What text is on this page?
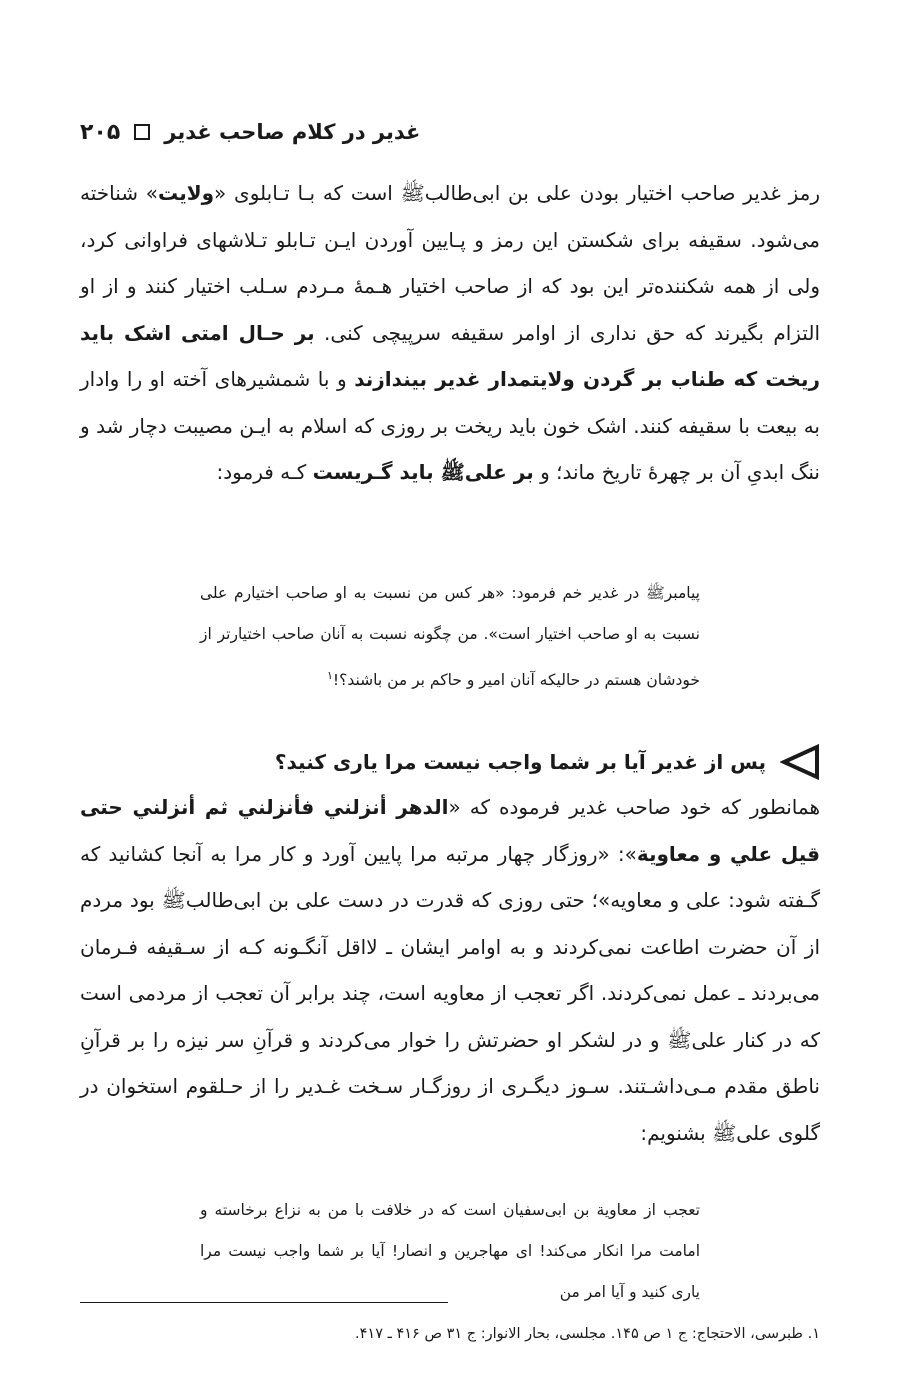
غدیر در کلام صاحب غدیر
۲۰۵

رمز غدیر صاحب اختیار بودن علی بن ابی‌طالبﷺ است که بـا تـابلوی «ولایت» شناخته می‌شود. سقیفه برای شکستن این رمز و پـایین آوردن ایـن تـابلو تـلاشهای فراوانی کرد، ولی از همه شکننده‌تر این بود که از صاحب اختیار هـمۀ مـردم سـلب اختیار کنند و از او التزام بگیرند که حق نداری از اوامر سقیفه سرپیچی کنی. بر حـال امتی اشک باید ریخت که طناب بر گردن ولایتمدار غدیر بیندازند و با شمشیرهای آخته او را وادار به بیعت با سقیفه کنند. اشک خون باید ریخت بر روزی که اسلام به ایـن مصیبت دچار شد و ننگ ابدیِ آن بر چهرۀ تاریخ ماند؛ و بر علیﷺ باید گـریست کـه فرمود:

پیامبرﷺ در غدیر خم فرمود: «هر کس من نسبت به او صاحب اختیارم علی نسبت به او صاحب اختیار است». من چگونه نسبت به آنان صاحب اختیارتر از خودشان هستم در حالیکه آنان امیر و حاکم بر من باشند؟!$^۱$

پس از غدیر آیا بر شما واجب نیست مرا یاری کنید؟

همانطور که خود صاحب غدیر فرموده که «الدهر أنزلني فأنزلني ثم أنزلني حتی قیل علي و معاویة»: «روزگار چهار مرتبه مرا پایین آورد و کار مرا به آنجا کشانید که گـفته شود: علی و معاویه»؛ حتی روزی که قدرت در دست علی بن ابی‌طالبﷺ بود مردم از آن حضرت اطاعت نمی‌کردند و به اوامر ایشان ـ لااقل آنگـونه کـه از سـقیفه فـرمان می‌بردند ـ عمل نمی‌کردند. اگر تعجب از معاویه است، چند برابر آن تعجب از مردمی است که در کنار علیﷺ و در لشکر او حضرتش را خوار می‌کردند و قرآنِ سر نیزه را بر قرآنِ ناطق مقدم مـی‌داشـتند. سـوز دیگـری از روزگـار سـخت غـدیر را از حـلقوم استخوان در گلوی علیﷺ بشنویم:

تعجب از معاویة بن ابی‌سفیان است که در خلافت با من به نزاع برخاسته و امامت مرا انکار می‌کند! ای مهاجرین و انصار! آیا بر شما واجب نیست مرا یاری کنید و آیا امر من

۱. طبرسی، الاحتجاج: ج ۱ ص ۱۴۵. مجلسی، بحار الانوار: ج ۳۱ ص ۴۱۶ ـ ۴۱۷.
